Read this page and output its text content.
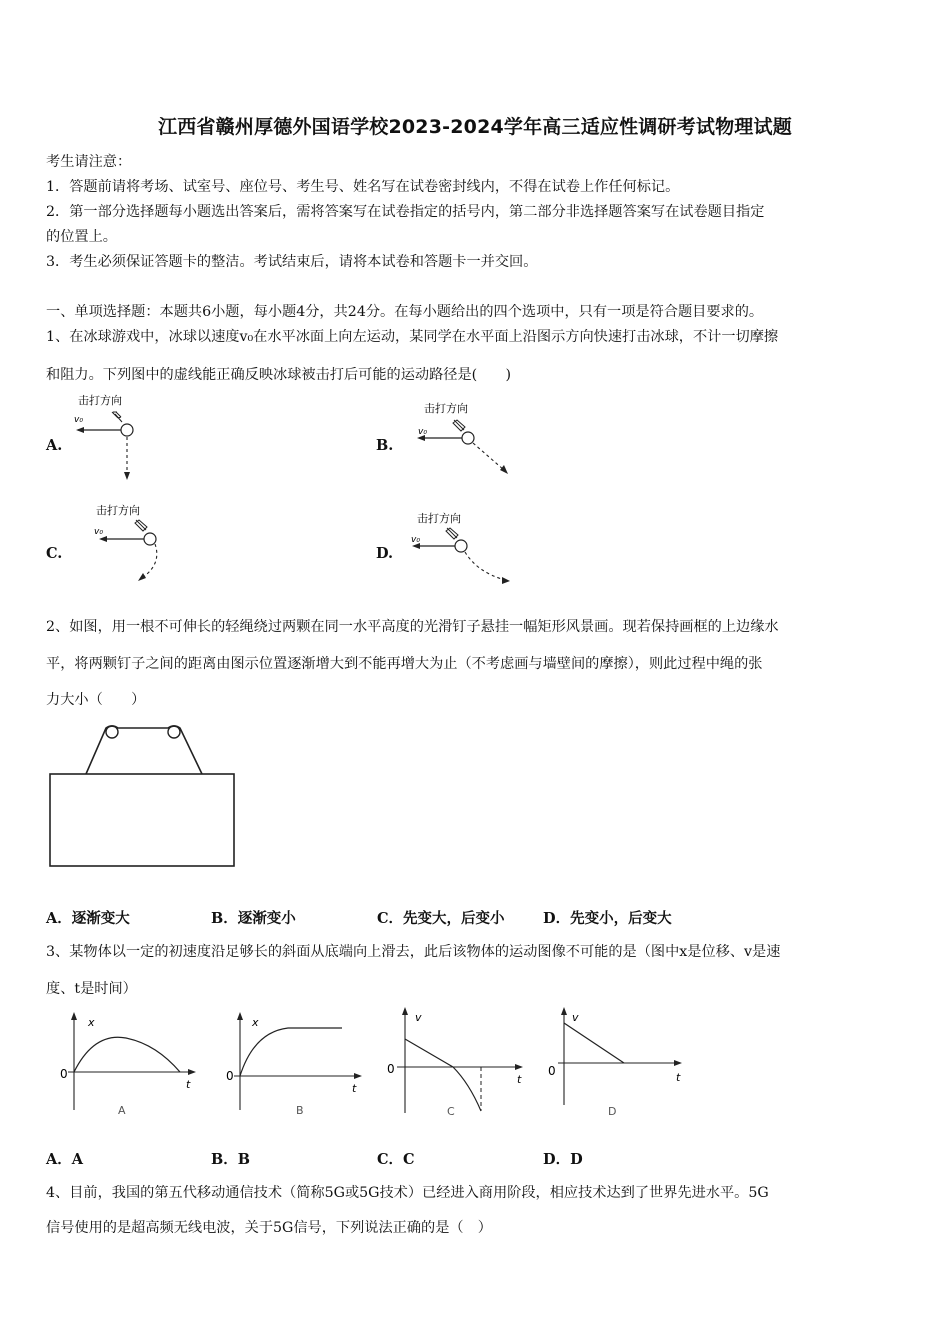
江西省赣州厚德外国语学校2023-2024学年高三适应性调研考试物理试题
考生请注意：
1．答题前请将考场、试室号、座位号、考生号、姓名写在试卷密封线内，不得在试卷上作任何标记。
2．第一部分选择题每小题选出答案后，需将答案写在试卷指定的括号内，第二部分非选择题答案写在试卷题目指定
的位置上。
3．考生必须保证答题卡的整洁。考试结束后，请将本试卷和答题卡一并交回。
一、单项选择题：本题共6小题，每小题4分，共24分。在每小题给出的四个选项中，只有一项是符合题目要求的。
1、在冰球游戏中，冰球以速度v₀在水平冰面上向左运动，某同学在水平面上沿图示方向快速打击冰球，不计一切摩擦
和阻力。下列图中的虚线能正确反映冰球被击打后可能的运动路径是(　　)
A.
击打方向
v₀
B.
击打方向
v₀
C.
击打方向
v₀
D.
击打方向
v₀
2、如图，用一根不可伸长的轻绳绕过两颗在同一水平高度的光滑钉子悬挂一幅矩形风景画。现若保持画框的上边缘水
平，将两颗钉子之间的距离由图示位置逐渐增大到不能再增大为止（不考虑画与墙壁间的摩擦），则此过程中绳的张
力大小（　　）
A．逐渐变大	B．逐渐变小	C．先变大，后变小	D．先变小，后变大
3、某物体以一定的初速度沿足够长的斜面从底端向上滑去，此后该物体的运动图像不可能的是（图中x是位移、v是速
度、t是时间）
x
0
t
A
x
0
t
B
v
0
t
C
v
0	t
D
A．A	B．B	C．C	D．D
4、目前，我国的第五代移动通信技术（简称5G或5G技术）已经进入商用阶段，相应技术达到了世界先进水平。5G
信号使用的是超高频无线电波，关于5G信号，下列说法正确的是（　）
